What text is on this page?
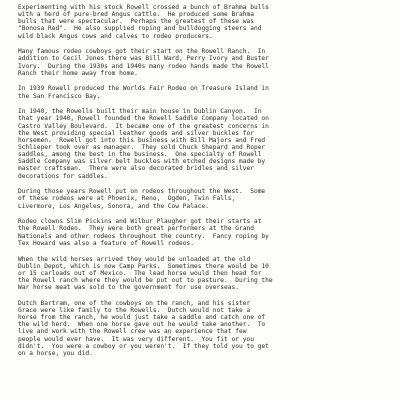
Experimenting with his stock Rowell crossed a bunch of Brahma bulls
with a herd of pure-bred Angus cattle.  He produced some Brahma
bulls that were spectacular.  Perhaps the greatest of these was
"Bonosa Red".  He also supplied roping and bulldogging steers and
wild black Angus cows and calves to rodeo producers.
Many famous rodeo cowboys got their start on the Rowell Ranch.  In
addition to Cecil Jones there was Bill Ward, Perry Ivory and Buster
Ivory.  During the 1930s and 1940s many rodeo hands made the Rowell
Ranch their home away from home.
In 1939 Rowell produced the Worlds Fair Rodeo on Treasure Island in
the San Francisco Bay.
In 1940, the Rowells built their main house in Dublin Canyon.  In
that year 1940, Rowell founded the Rowell Saddle Company located on
Castro Valley Boulevard.  It became one of the greatest concerns in
the West providing special leather goods and silver buckles for
horsemen.  Rowell got into this business with Bill Majors and Fred
Schlieper took over as manager.  They sold Chuck Shepard and Roper
saddles, among the best in the business.  One specialty of Rowell
Saddle Company was silver belt buckles with etched designs made by
master craftsman.  There were also decorated bridles and silver
decorations for saddles.
During those years Rowell put on rodeos throughout the West.  Some
of these rodeos were at Phoenix, Reno,  Ogden, Twin Falls,
Livermore, Los Angeles, Sonora, and the Cow Palace.
Rodeo clowns Slim Pickins and Wilbur Plaugher got their starts at
the Rowell Rodeo.  They were both great performers at the Grand
Nationals and other rodeos throughout the country.  Fancy roping by
Tex Howard was also a feature of Rowell rodeos.
When the wild horses arrived they would be unloaded at the old
Dublin Depot, which is now Camp Parks.  Sometimes there would be 10
or 15 carloads out of Mexico.  The lead horse would then head for
the Rowell ranch where they would be put out to pasture.  During the
War horse meat was sold to the government for use overseas.
Dutch Bartram, one of the cowboys on the ranch, and his sister
Grace were like family to the Rowells.  Dutch would not take a
horse from the ranch, he would just take a saddle and catch one of
the wild herd.  When one horse gave out he would take another.  To
live and work with the Rowell crew was an experience that few
people would ever have.  It was very different.  You fit or you
didn't.  You were a cowboy or you weren't.  If they told you to get
on a horse, you did.
